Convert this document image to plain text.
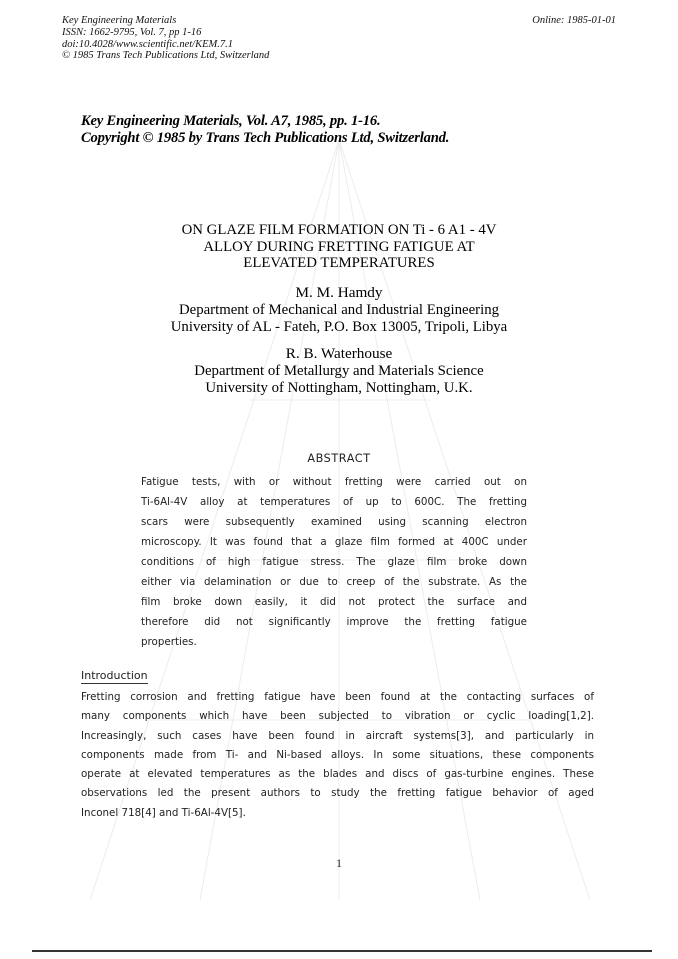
Key Engineering Materials
ISSN: 1662-9795, Vol. 7, pp 1-16
doi:10.4028/www.scientific.net/KEM.7.1
© 1985 Trans Tech Publications Ltd, Switzerland
Online: 1985-01-01
Key Engineering Materials, Vol. A7, 1985, pp. 1-16.
Copyright © 1985 by Trans Tech Publications Ltd, Switzerland.
ON GLAZE FILM FORMATION ON Ti - 6 A1 - 4V
ALLOY DURING FRETTING FATIGUE AT
ELEVATED TEMPERATURES
M. M. Hamdy
Department of Mechanical and Industrial Engineering
University of AL - Fateh, P.O. Box 13005, Tripoli, Libya
R. B. Waterhouse
Department of Metallurgy and Materials Science
University of Nottingham, Nottingham, U.K.
ABSTRACT
Fatigue tests, with or without fretting were carried out on
Ti-6Al-4V alloy at temperatures of up to 600C. The fretting
scars were subsequently examined using scanning electron
microscopy. It was found that a glaze film formed at 400C under
conditions of high fatigue stress. The glaze film broke down
either via delamination or due to creep of the substrate. As the
film broke down easily, it did not protect the surface and
therefore did not significantly improve the fretting fatigue
properties.
Introduction
Fretting corrosion and fretting fatigue have been found at the contacting surfaces of
many components which have been subjected to vibration or cyclic loading[1,2].
Increasingly, such cases have been found in aircraft systems[3], and particularly in
components made from Ti- and Ni-based alloys. In some situations, these components
operate at elevated temperatures as the blades and discs of gas-turbine engines. These
observations led the present authors to study the fretting fatigue behavior of aged
Inconel 718[4] and Ti-6Al-4V[5].
1
